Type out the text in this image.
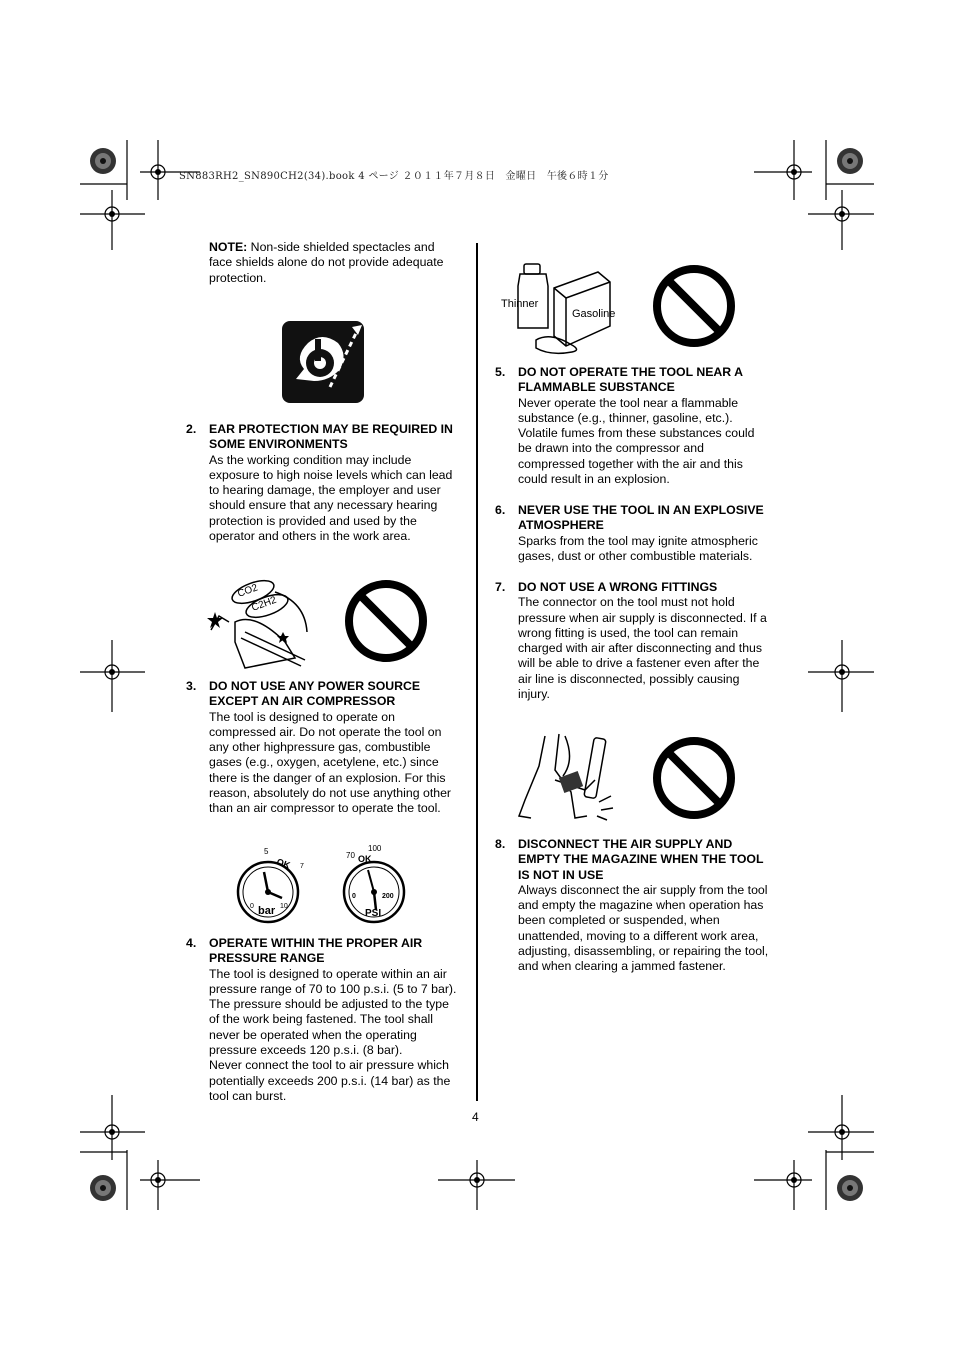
SN883RH2_SN890CH2(34).book 4 ページ ２０１１年７月８日　金曜日　午後６時１分
NOTE: Non-side shielded spectacles and face shields alone do not provide adequate protection.
2.	EAR PROTECTION MAY BE REQUIRED IN SOME ENVIRONMENTS

As the working condition may include exposure to high noise levels which can lead to hearing damage, the employer and user should ensure that any necessary hearing protection is provided and used by the operator and others in the work area.

CO2
C2H2
3.	DO NOT USE ANY POWER SOURCE EXCEPT AN AIR COMPRESSOR

The tool is designed to operate on compressed air. Do not operate the tool on any other highpressure gas, combustible gases (e.g., oxygen, acetylene, etc.) since there is the danger of an explosion. For this reason, absolutely do not use anything other than an air compressor to operate the tool.

5
OK 7
0	10
bar
70
100
OK
0	200
PSI
4.	OPERATE WITHIN THE PROPER AIR PRESSURE RANGE

The tool is designed to operate within an air pressure range of 70 to 100 p.s.i. (5 to 7 bar). The pressure should be adjusted to the type of the work being fastened. The tool shall never be operated when the operating pressure exceeds 120 p.s.i. (8 bar).

Never connect the tool to air pressure which potentially exceeds 200 p.s.i. (14 bar) as the tool can burst.

Thinner
Gasoline
5.	DO NOT OPERATE THE TOOL NEAR A FLAMMABLE SUBSTANCE

Never operate the tool near a flammable substance (e.g., thinner, gasoline, etc.). Volatile fumes from these substances could be drawn into the compressor and compressed together with the air and this could result in an explosion.

6.	NEVER USE THE TOOL IN AN EXPLOSIVE ATMOSPHERE

Sparks from the tool may ignite atmospheric gases, dust or other combustible materials.

7.	DO NOT USE A WRONG FITTINGS

The connector on the tool must not hold pressure when air supply is disconnected. If a wrong fitting is used, the tool can remain charged with air after disconnecting and thus will be able to drive a fastener even after the air line is disconnected, possibly causing injury.

8.	DISCONNECT THE AIR SUPPLY AND EMPTY THE MAGAZINE WHEN THE TOOL IS NOT IN USE

Always disconnect the air supply from the tool and empty the magazine when operation has been completed or suspended, when unattended, moving to a different work area, adjusting, disassembling, or repairing the tool, and when clearing a jammed fastener.

4
